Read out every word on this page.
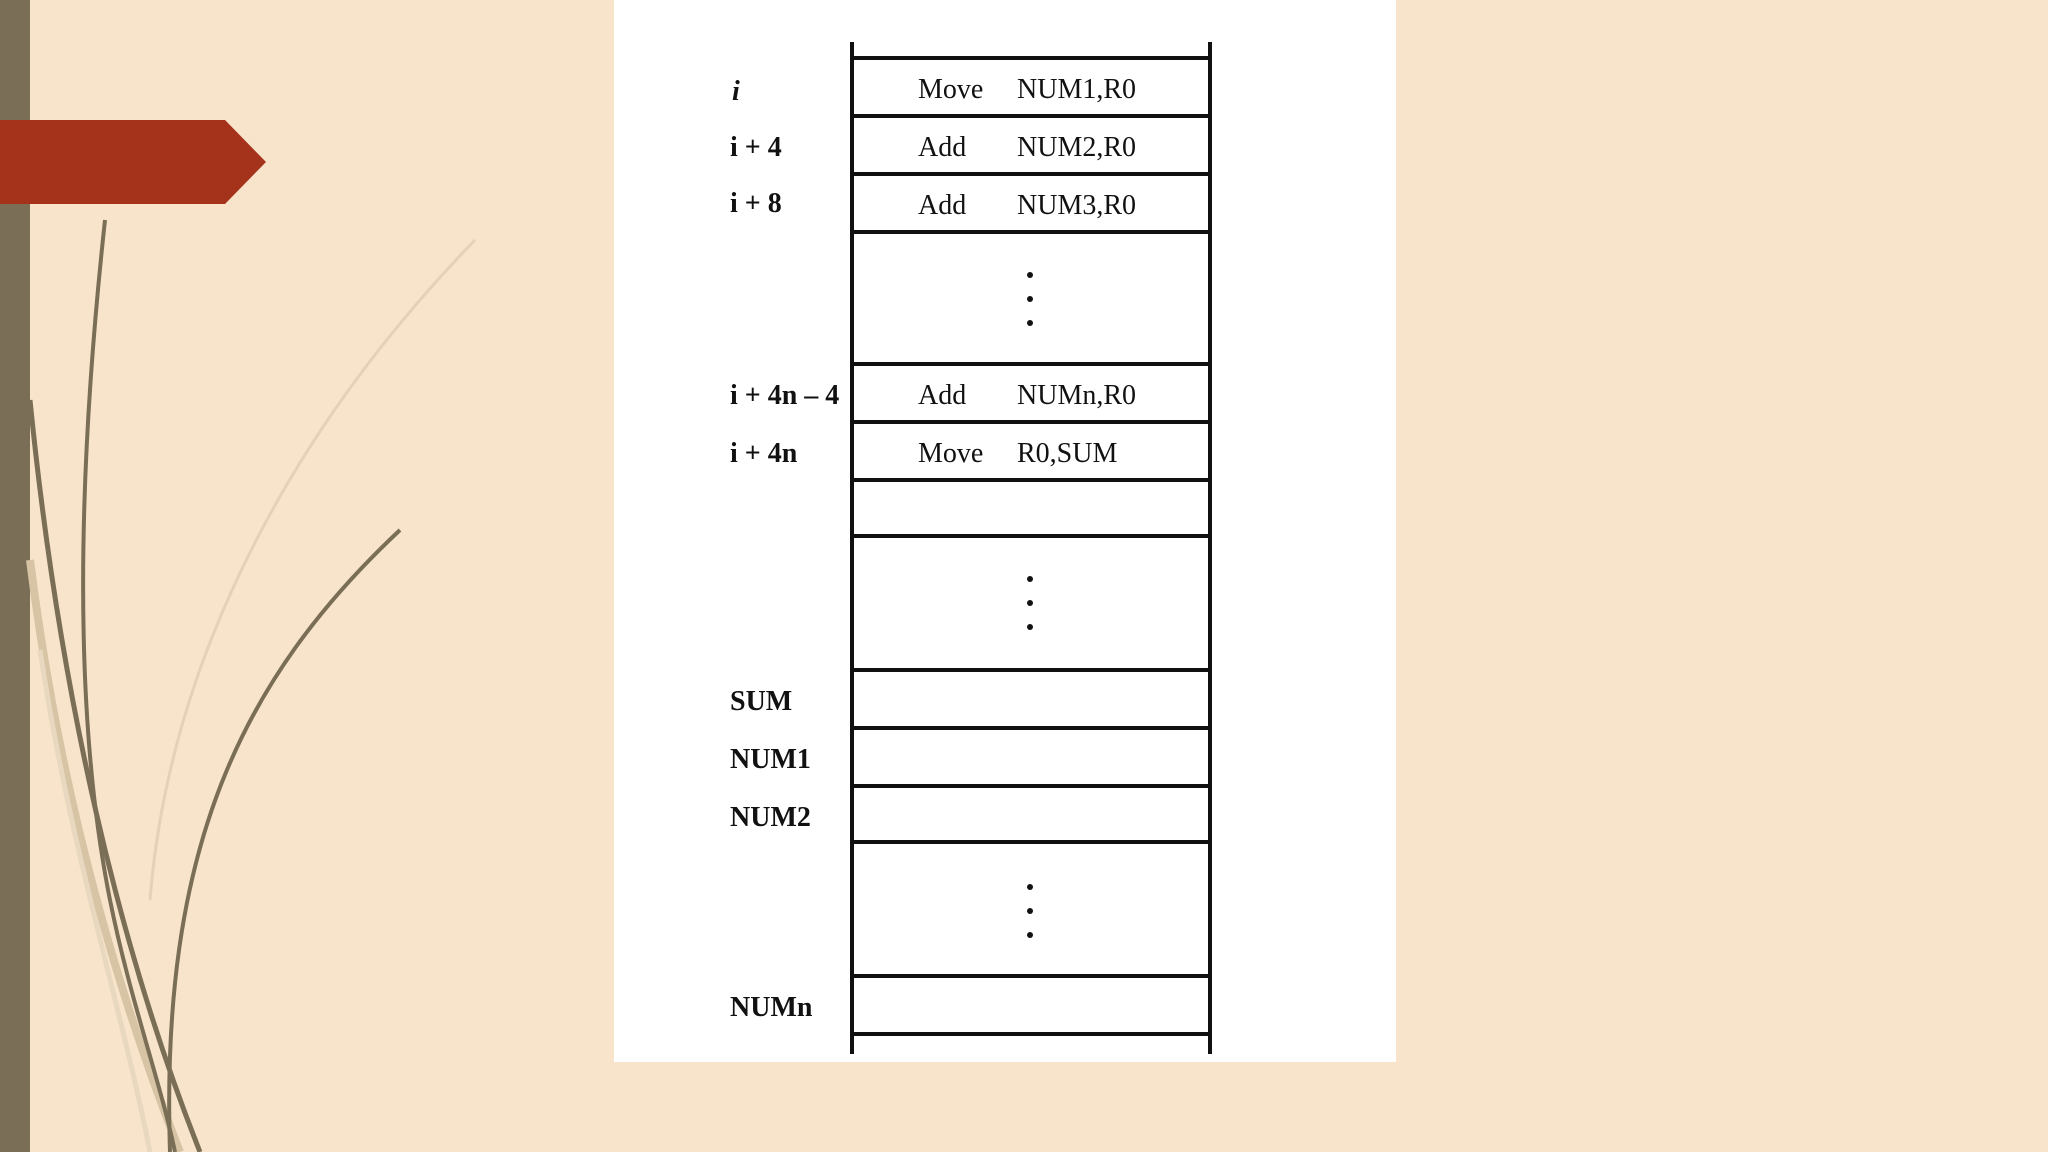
i
i + 4
i + 8
i + 4n – 4
i + 4n
SUM
NUM1
NUM2
NUMn
Move NUM1,R0
Add NUM2,R0
Add NUM3,R0
Add NUMn,R0
Move R0,SUM
